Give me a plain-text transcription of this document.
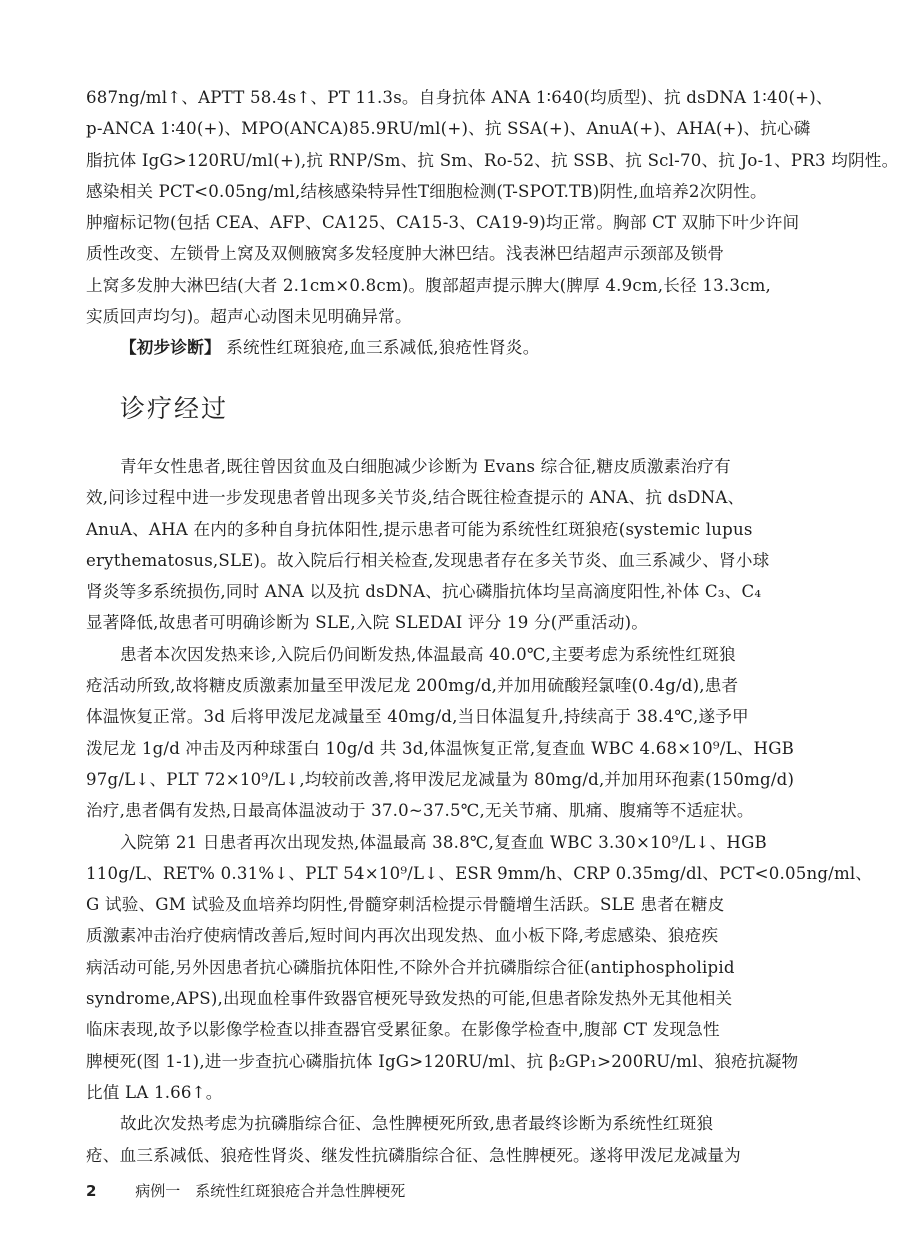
687ng/ml↑、APTT 58.4s↑、PT 11.3s。自身抗体 ANA 1∶640(均质型)、抗 dsDNA 1∶40(+)、
p-ANCA 1∶40(+)、MPO(ANCA)85.9RU/ml(+)、抗 SSA(+)、AnuA(+)、AHA(+)、抗心磷
脂抗体 IgG>120RU/ml(+),抗 RNP/Sm、抗 Sm、Ro-52、抗 SSB、抗 Scl-70、抗 Jo-1、PR3 均阴性。
感染相关 PCT<0.05ng/ml,结核感染特异性T细胞检测(T-SPOT.TB)阴性,血培养2次阴性。
肿瘤标记物(包括 CEA、AFP、CA125、CA15-3、CA19-9)均正常。胸部 CT 双肺下叶少许间
质性改变、左锁骨上窝及双侧腋窝多发轻度肿大淋巴结。浅表淋巴结超声示颈部及锁骨
上窝多发肿大淋巴结(大者 2.1cm×0.8cm)。腹部超声提示脾大(脾厚 4.9cm,长径 13.3cm,
实质回声均匀)。超声心动图未见明确异常。
【初步诊断】 系统性红斑狼疮,血三系减低,狼疮性肾炎。
诊疗经过
青年女性患者,既往曾因贫血及白细胞减少诊断为 Evans 综合征,糖皮质激素治疗有
效,问诊过程中进一步发现患者曾出现多关节炎,结合既往检查提示的 ANA、抗 dsDNA、
AnuA、AHA 在内的多种自身抗体阳性,提示患者可能为系统性红斑狼疮(systemic lupus
erythematosus,SLE)。故入院后行相关检查,发现患者存在多关节炎、血三系减少、肾小球
肾炎等多系统损伤,同时 ANA 以及抗 dsDNA、抗心磷脂抗体均呈高滴度阳性,补体 C₃、C₄
显著降低,故患者可明确诊断为 SLE,入院 SLEDAI 评分 19 分(严重活动)。
患者本次因发热来诊,入院后仍间断发热,体温最高 40.0℃,主要考虑为系统性红斑狼
疮活动所致,故将糖皮质激素加量至甲泼尼龙 200mg/d,并加用硫酸羟氯喹(0.4g/d),患者
体温恢复正常。3d 后将甲泼尼龙减量至 40mg/d,当日体温复升,持续高于 38.4℃,遂予甲
泼尼龙 1g/d 冲击及丙种球蛋白 10g/d 共 3d,体温恢复正常,复查血 WBC 4.68×10⁹/L、HGB
97g/L↓、PLT 72×10⁹/L↓,均较前改善,将甲泼尼龙减量为 80mg/d,并加用环孢素(150mg/d)
治疗,患者偶有发热,日最高体温波动于 37.0~37.5℃,无关节痛、肌痛、腹痛等不适症状。
入院第 21 日患者再次出现发热,体温最高 38.8℃,复查血 WBC 3.30×10⁹/L↓、HGB
110g/L、RET% 0.31%↓、PLT 54×10⁹/L↓、ESR 9mm/h、CRP 0.35mg/dl、PCT<0.05ng/ml、
G 试验、GM 试验及血培养均阴性,骨髓穿刺活检提示骨髓增生活跃。SLE 患者在糖皮
质激素冲击治疗使病情改善后,短时间内再次出现发热、血小板下降,考虑感染、狼疮疾
病活动可能,另外因患者抗心磷脂抗体阳性,不除外合并抗磷脂综合征(antiphospholipid
syndrome,APS),出现血栓事件致器官梗死导致发热的可能,但患者除发热外无其他相关
临床表现,故予以影像学检查以排查器官受累征象。在影像学检查中,腹部 CT 发现急性
脾梗死(图 1-1),进一步查抗心磷脂抗体 IgG>120RU/ml、抗 β₂GP₁>200RU/ml、狼疮抗凝物
比值 LA 1.66↑。
故此次发热考虑为抗磷脂综合征、急性脾梗死所致,患者最终诊断为系统性红斑狼
疮、血三系减低、狼疮性肾炎、继发性抗磷脂综合征、急性脾梗死。遂将甲泼尼龙减量为
2	病例一　系统性红斑狼疮合并急性脾梗死
